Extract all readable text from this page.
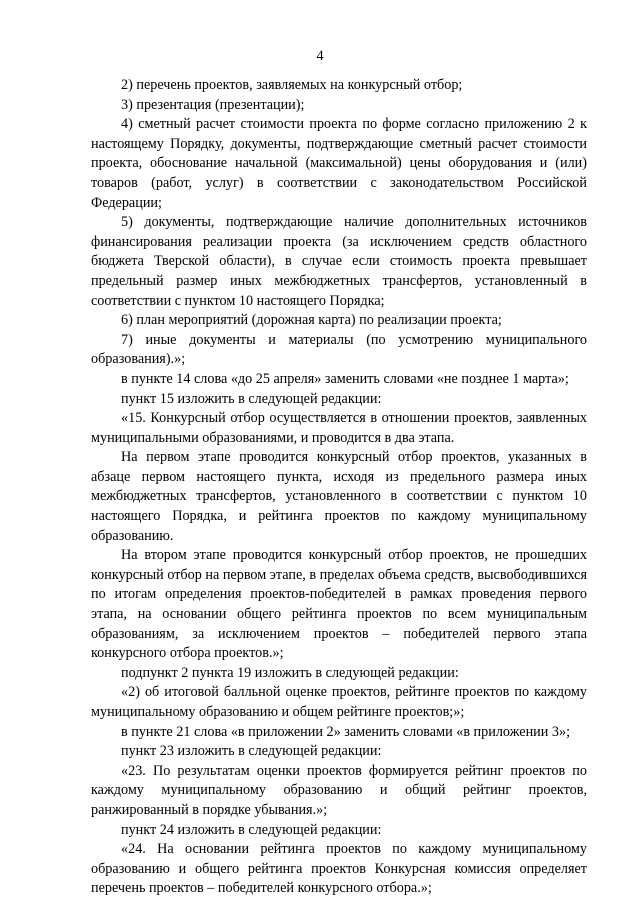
4

2) перечень проектов, заявляемых на конкурсный отбор;

3) презентация (презентации);

4) сметный расчет стоимости проекта по форме согласно приложению 2 к настоящему Порядку, документы, подтверждающие сметный расчет стоимости проекта, обоснование начальной (максимальной) цены оборудования и (или) товаров (работ, услуг) в соответствии с законодательством Российской Федерации;

5) документы, подтверждающие наличие дополнительных источников финансирования реализации проекта (за исключением средств областного бюджета Тверской области), в случае если стоимость проекта превышает предельный размер иных межбюджетных трансфертов, установленный в соответствии с пунктом 10 настоящего Порядка;

6) план мероприятий (дорожная карта) по реализации проекта;

7) иные документы и материалы (по усмотрению муниципального образования).»;

в пункте 14 слова «до 25 апреля» заменить словами «не позднее 1 марта»;

пункт 15 изложить в следующей редакции:

«15. Конкурсный отбор осуществляется в отношении проектов, заявленных муниципальными образованиями, и проводится в два этапа.

На первом этапе проводится конкурсный отбор проектов, указанных в абзаце первом настоящего пункта, исходя из предельного размера иных межбюджетных трансфертов, установленного в соответствии с пунктом 10 настоящего Порядка, и рейтинга проектов по каждому муниципальному образованию.

На втором этапе проводится конкурсный отбор проектов, не прошедших конкурсный отбор на первом этапе, в пределах объема средств, высвободившихся по итогам определения проектов-победителей в рамках проведения первого этапа, на основании общего рейтинга проектов по всем муниципальным образованиям, за исключением проектов – победителей первого этапа конкурсного отбора проектов.»;

подпункт 2 пункта 19 изложить в следующей редакции:

«2) об итоговой балльной оценке проектов, рейтинге проектов по каждому муниципальному образованию и общем рейтинге проектов;»;

в пункте 21 слова «в приложении 2» заменить словами «в приложении 3»;

пункт 23 изложить в следующей редакции:

«23. По результатам оценки проектов формируется рейтинг проектов по каждому муниципальному образованию и общий рейтинг проектов, ранжированный в порядке убывания.»;

пункт 24 изложить в следующей редакции:

«24. На основании рейтинга проектов по каждому муниципальному образованию и общего рейтинга проектов Конкурсная комиссия определяет перечень проектов – победителей конкурсного отбора.»;
